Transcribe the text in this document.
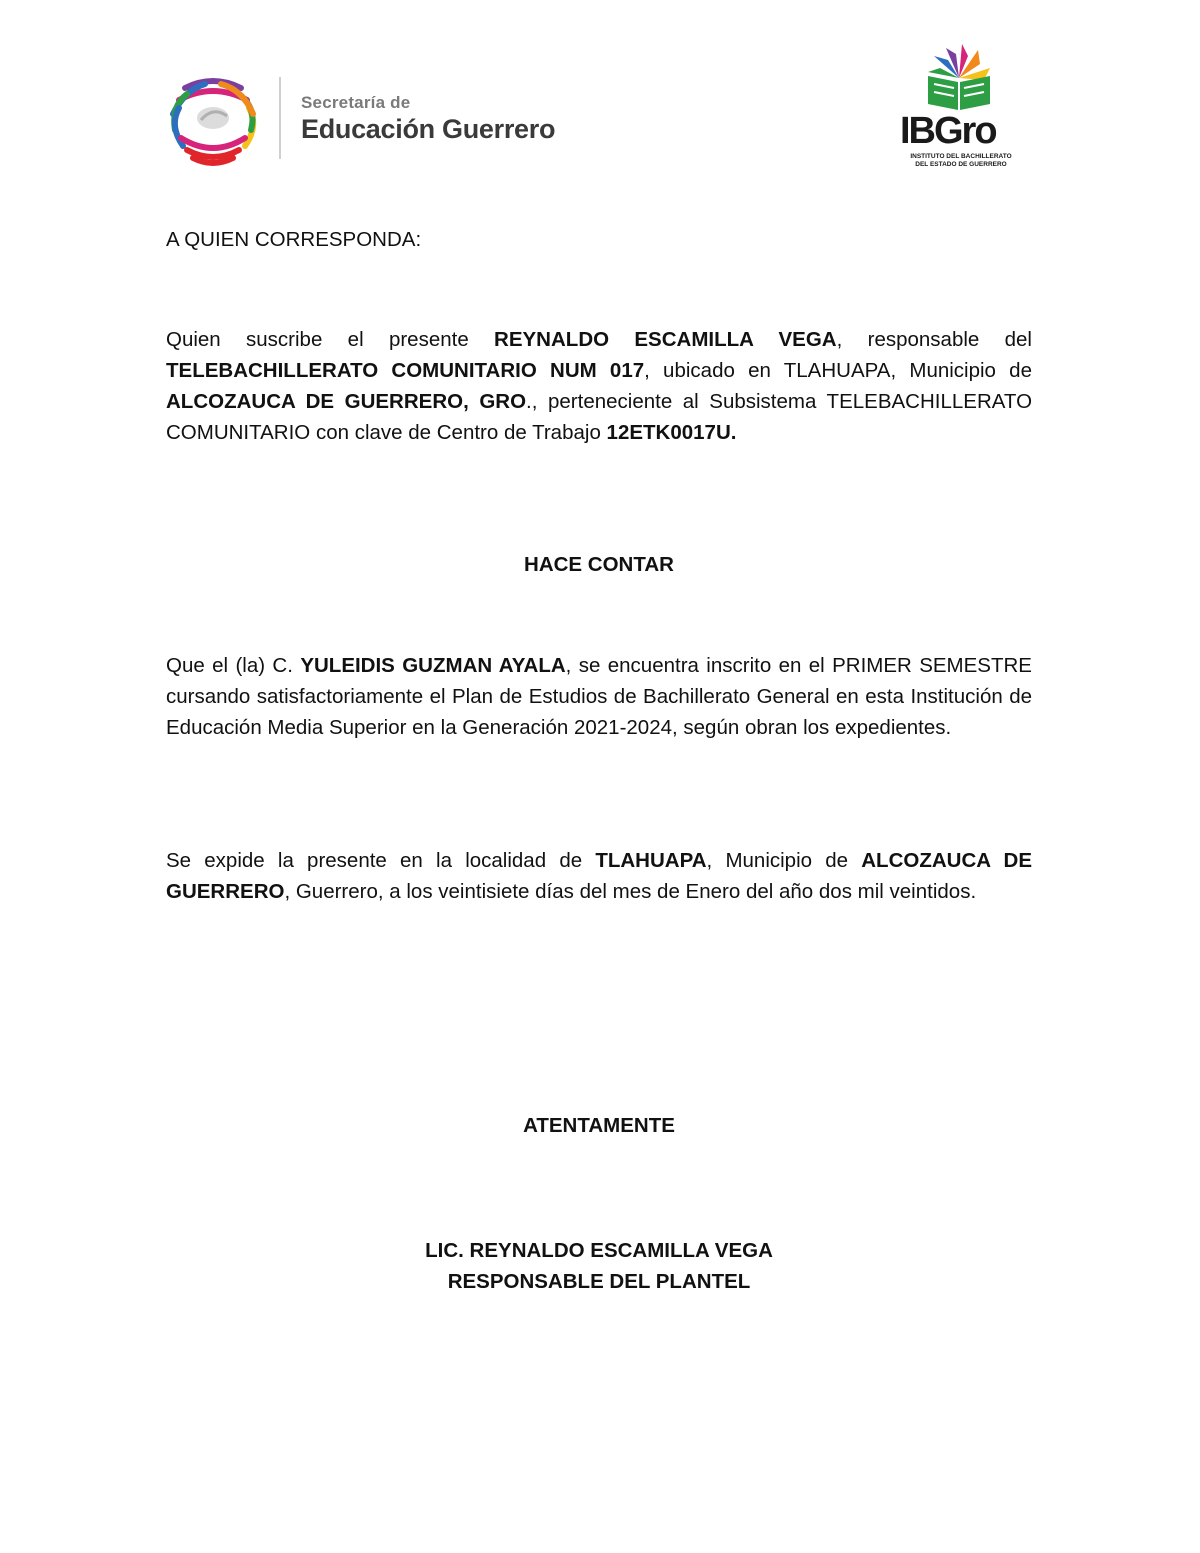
Secretaría de
Educación Guerrero	IBGro
INSTITUTO DEL BACHILLERATO
DEL ESTADO DE GUERRERO

A QUIEN CORRESPONDA:

Quien suscribe el presente REYNALDO ESCAMILLA VEGA, responsable del TELEBACHILLERATO COMUNITARIO NUM 017, ubicado en TLAHUAPA, Municipio de ALCOZAUCA DE GUERRERO, GRO., perteneciente al Subsistema TELEBACHILLERATO COMUNITARIO con clave de Centro de Trabajo 12ETK0017U.

HACE CONTAR

Que el (la) C. YULEIDIS GUZMAN AYALA, se encuentra inscrito en el PRIMER SEMESTRE cursando satisfactoriamente el Plan de Estudios de Bachillerato General en esta Institución de Educación Media Superior en la Generación 2021-2024, según obran los expedientes.

Se expide la presente en la localidad de TLAHUAPA, Municipio de ALCOZAUCA DE GUERRERO, Guerrero, a los veintisiete días del mes de Enero del año dos mil veintidos.

ATENTAMENTE

LIC. REYNALDO ESCAMILLA VEGA

RESPONSABLE DEL PLANTEL
